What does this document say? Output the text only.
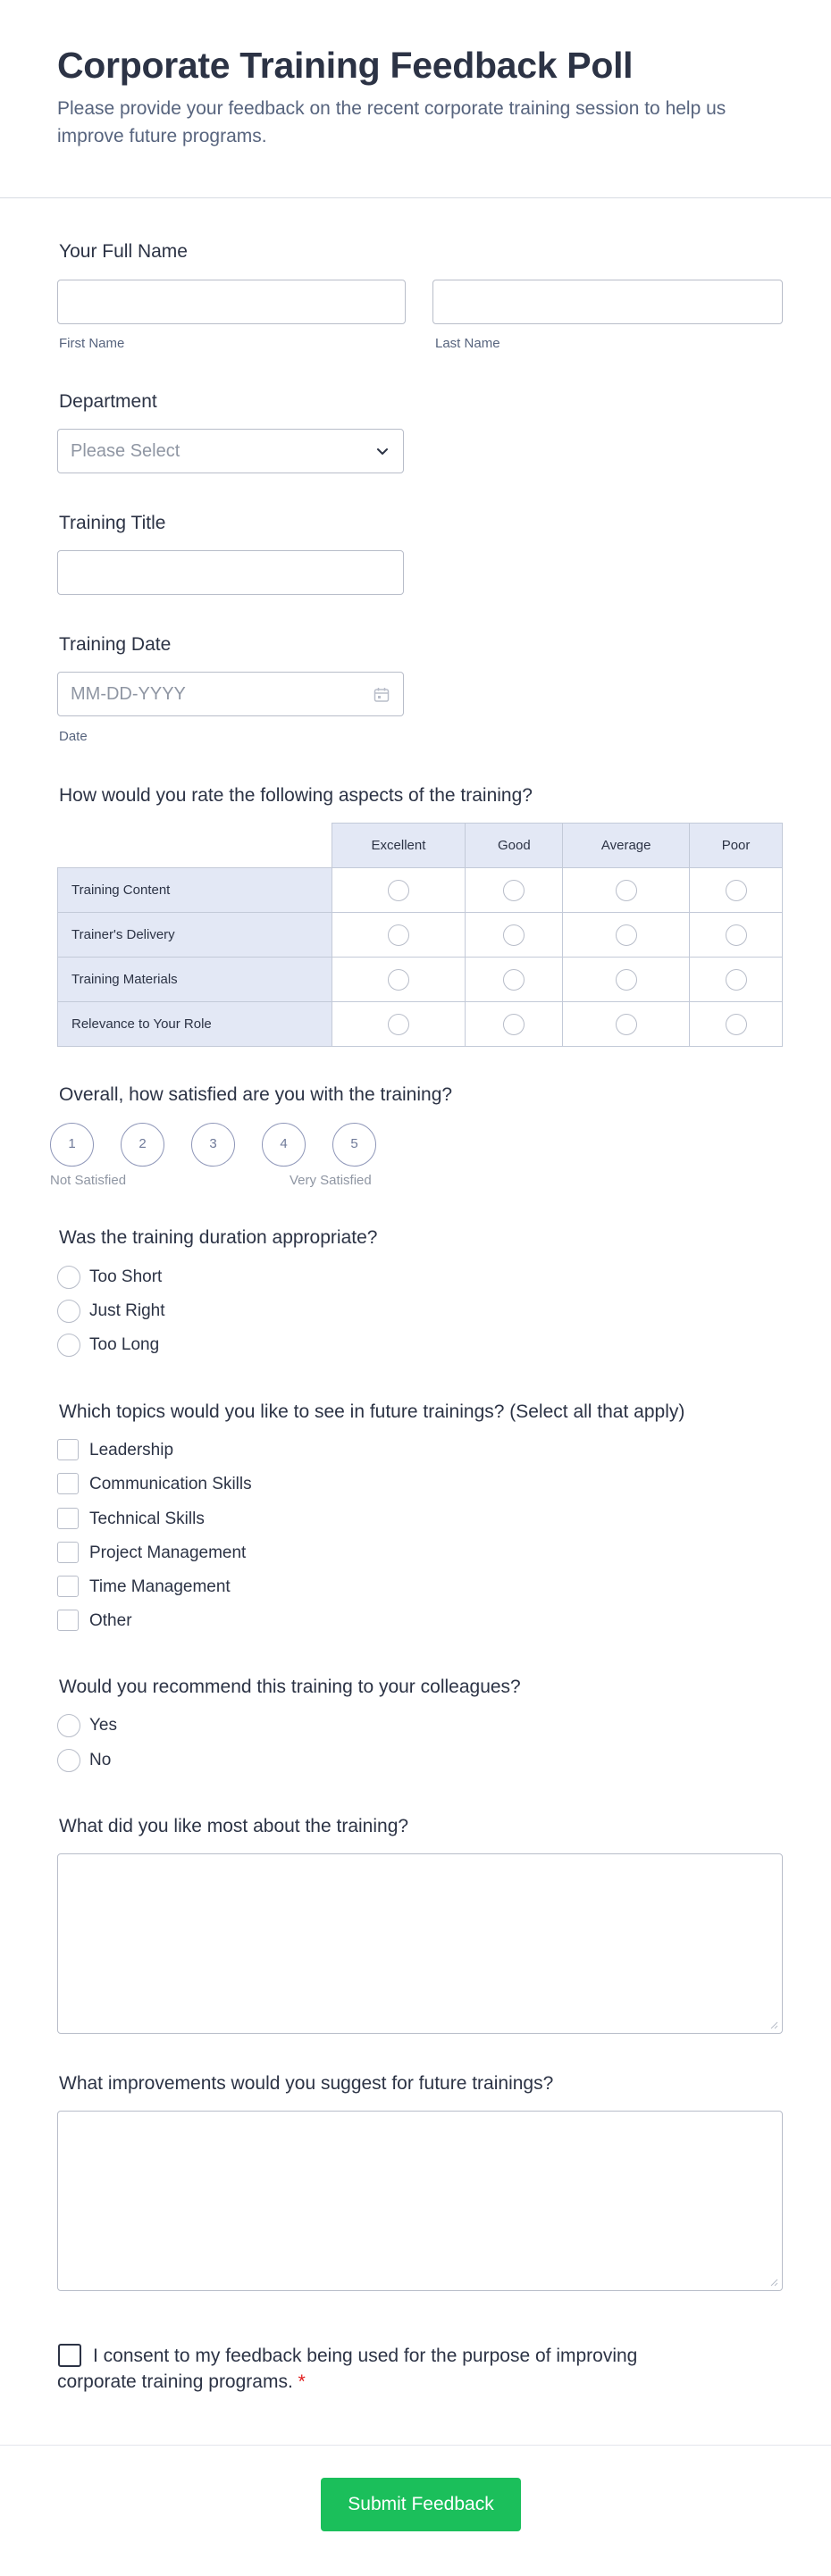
Corporate Training Feedback Poll

Please provide your feedback on the recent corporate training session to help us improve future programs.

Your Full Name
First Name	Last Name
Department
Please Select
Training Title
Training Date
MM-DD-YYYY
Date
How would you rate the following aspects of the training?
	Excellent	Good	Average	Poor
Training Content				
Trainer's Delivery				
Training Materials				
Relevance to Your Role				
Overall, how satisfied are you with the training?
1	2	3	4	5
Not Satisfied	Very Satisfied
Was the training duration appropriate?
Too Short
Just Right
Too Long
Which topics would you like to see in future trainings? (Select all that apply)
Leadership
Communication Skills
Technical Skills
Project Management
Time Management
Other
Would you recommend this training to your colleagues?
Yes
No
What did you like most about the training?
What improvements would you suggest for future trainings?
I consent to my feedback being used for the purpose of improving corporate training programs. *
Submit Feedback
